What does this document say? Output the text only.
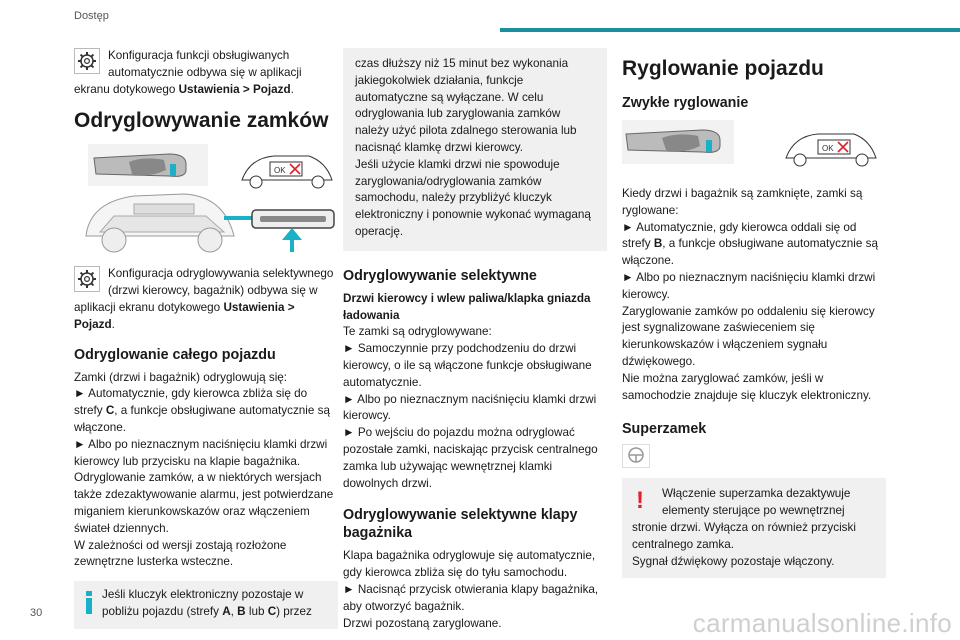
Dostęp

Konfiguracja funkcji obsługiwanych automatycznie odbywa się w aplikacji ekranu dotykowego Ustawienia > Pojazd.

Odryglowywanie zamków
OK

Konfiguracja odryglowywania selektywnego (drzwi kierowcy, bagażnik) odbywa się w aplikacji ekranu dotykowego Ustawienia > Pojazd.

Odryglowanie całego pojazdu

Zamki (drzwi i bagażnik) odryglowują się:

► Automatycznie, gdy kierowca zbliża się do strefy C, a funkcje obsługiwane automatycznie są włączone.

► Albo po nieznacznym naciśnięciu klamki drzwi kierowcy lub przycisku na klapie bagażnika.

Odryglowanie zamków, a w niektórych wersjach także zdezaktywowanie alarmu, jest potwierdzane miganiem kierunkowskazów oraz włączeniem świateł dziennych.

W zależności od wersji zostają rozłożone zewnętrzne lusterka wsteczne.

Jeśli kluczyk elektroniczny pozostaje w pobliżu pojazdu (strefy A, B lub C) przez

czas dłuższy niż 15 minut bez wykonania jakiegokolwiek działania, funkcje automatyczne są wyłączane. W celu odryglowania lub zaryglowania zamków należy użyć pilota zdalnego sterowania lub nacisnąć klamkę drzwi kierowcy.

Jeśli użycie klamki drzwi nie spowoduje zaryglowania/odryglowania zamków samochodu, należy przybliżyć kluczyk elektroniczny i ponownie wykonać wymaganą operację.

Odryglowywanie selektywne

Drzwi kierowcy i wlew paliwa/klapka gniazda ładowania

Te zamki są odryglowywane:

► Samoczynnie przy podchodzeniu do drzwi kierowcy, o ile są włączone funkcje obsługiwane automatycznie.

► Albo po nieznacznym naciśnięciu klamki drzwi kierowcy.

► Po wejściu do pojazdu można odryglować pozostałe zamki, naciskając przycisk centralnego zamka lub używając wewnętrznej klamki dowolnych drzwi.

Odryglowywanie selektywne klapy bagażnika

Klapa bagażnika odryglowuje się automatycznie, gdy kierowca zbliża się do tyłu samochodu.

► Nacisnąć przycisk otwierania klapy bagażnika, aby otworzyć bagażnik.

Drzwi pozostaną zaryglowane.

Ryglowanie pojazdu
Zwykłe ryglowanie
OK

Kiedy drzwi i bagażnik są zamknięte, zamki są ryglowane:

► Automatycznie, gdy kierowca oddali się od strefy B, a funkcje obsługiwane automatycznie są włączone.

► Albo po nieznacznym naciśnięciu klamki drzwi kierowcy.

Zaryglowanie zamków po oddaleniu się kierowcy jest sygnalizowane zaświeceniem się kierunkowskazów i włączeniem sygnału dźwiękowego.

Nie można zaryglować zamków, jeśli w samochodzie znajduje się kluczyk elektroniczny.

Superzamek
!	Włączenie superzamka dezaktywuje elementy sterujące po wewnętrznej stronie drzwi. Wyłącza on również przyciski centralnego zamka.

Sygnał dźwiękowy pozostaje włączony.

30	carmanualsonline.info
